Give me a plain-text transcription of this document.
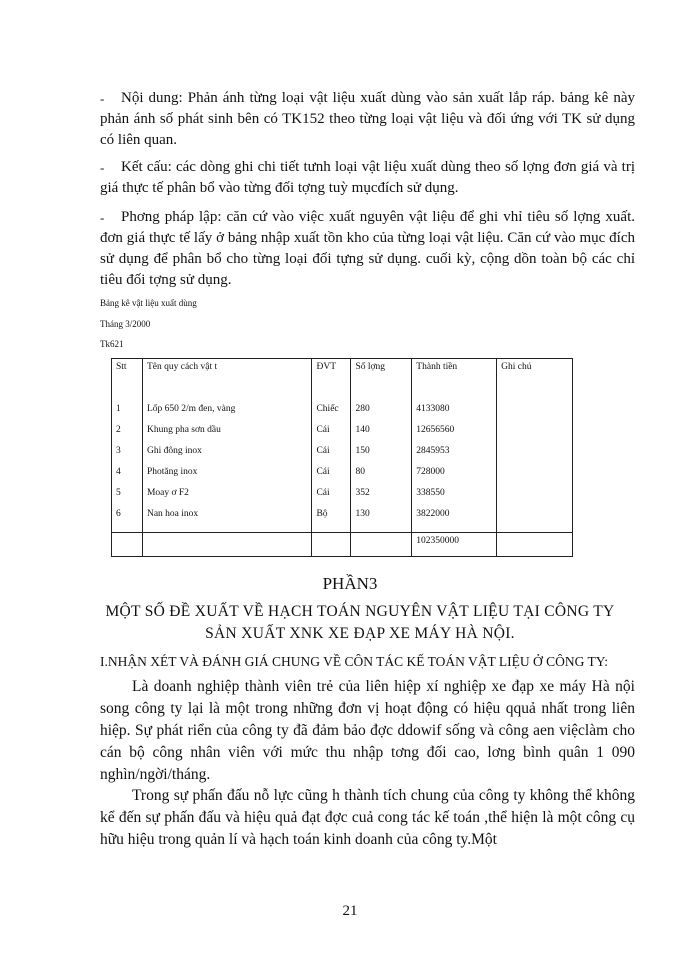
-	Nội dung: Phản ánh từng loại vật liệu xuất dùng vào sản xuất lắp ráp. bảng kê này phản ánh số phát sinh bên có TK152 theo từng loại vật liệu và đối ứng với TK sử dụng có liên quan.
-	Kết cấu: các dòng ghi chi tiết tưnh loại vật liệu xuất dùng theo số lợng đơn giá và trị giá thực tế phân bổ vào từng đối tợng tuỳ mụcđích sử dụng.
-	Phơng pháp lập: căn cứ vào việc xuất nguyên vật liệu để ghi vhỉ tiêu số lợng xuất. đơn giá thực tế lấy ở bảng nhập xuất tồn kho của từng loại vật liệu. Căn cứ vào mục đích sử dụng để phân bổ cho từng loại đối tựng sử dụng. cuối kỳ, cộng dồn toàn bộ các chỉ tiêu đối tợng sử dụng.
Bảng kê vật liệu xuất dùng
Tháng 3/2000
Tk621
Stt	Tên quy cách vật t	ĐVT	Số lợng	Thành tiền	Ghi chú
1	Lốp 650 2/m đen, vàng	Chiếc	280	4133080	
2	Khung pha sơn dầu	Cái	140	12656560	
3	Ghi đông inox	Cái	150	2845953	
4	Photăng inox	Cái	80	728000	
5	Moay ơ F2	Cái	352	338550	
6	Nan hoa inox	Bộ	130	3822000	

				102350000	
PHẦN3
MỘT SỐ ĐỀ XUẤT VỀ HẠCH TOÁN NGUYÊN VẬT LIỆU TẠI CÔNG TY
SẢN XUẤT XNK XE ĐẠP XE MÁY HÀ NỘI.
I.NHẬN XÉT VÀ ĐÁNH GIÁ CHUNG VỀ CÔN TÁC KẾ TOÁN VẬT LIỆU Ở CÔNG TY:
Là doanh nghiệp thành viên trẻ của liên hiệp xí nghiệp xe đạp xe máy Hà nội song công ty lại là một trong những đơn vị hoạt động có hiệu qquả nhất trong liên hiệp. Sự phát riển của công ty đã đảm bảo đợc ddowif sống và công aen việclàm cho cán bộ công nhân viên với mức thu nhập tơng đối cao, lơng bình quân 1 090 nghìn/ngời/tháng.
Trong sự phấn đấu nỗ lực cũng h thành tích chung của công ty không thể không kể đến sự phấn đấu và hiệu quả đạt đợc cuả cong tác kế toán ,thể hiện là một công cụ hữu hiệu trong quản lí và hạch toán kinh doanh của công ty.Một
21
